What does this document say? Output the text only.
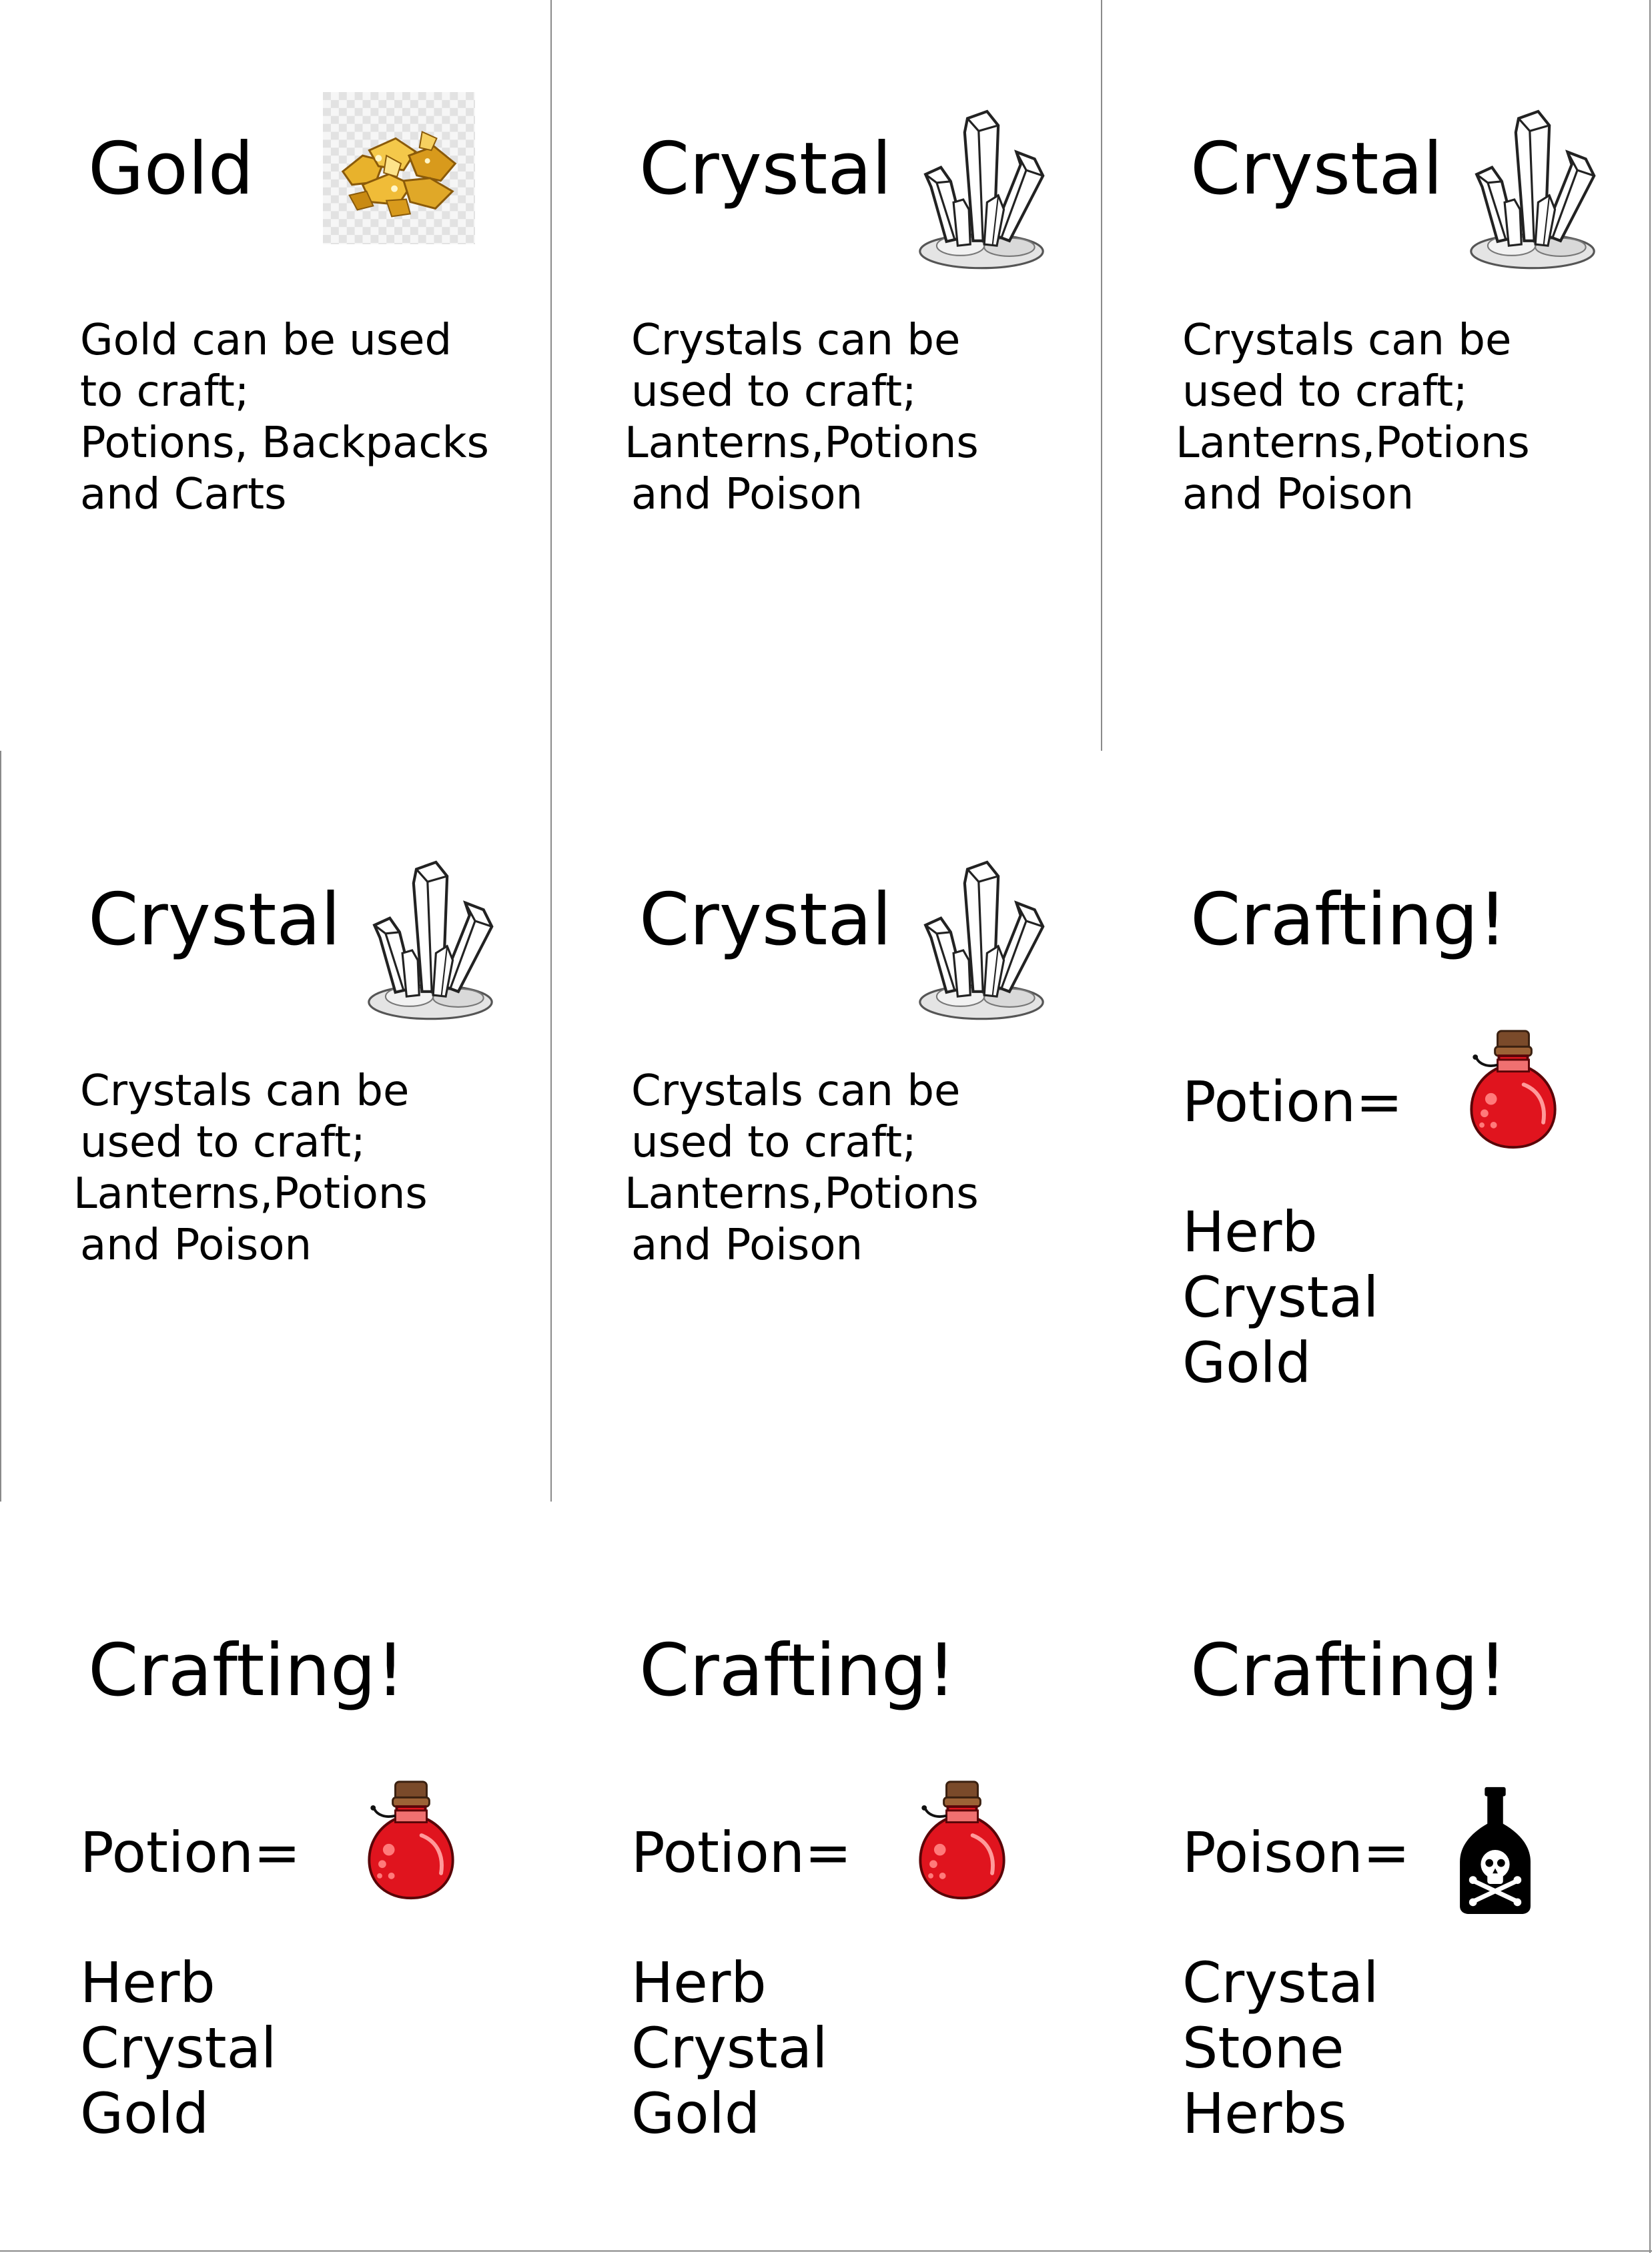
Gold
Gold can be used
to craft;
Potions, Backpacks
and Carts
Crystal
Crystals can be
used to craft;
Lanterns,Potions
and Poison
Crystal
Crystals can be
used to craft;
Lanterns,Potions
and Poison
Crystal
Crystals can be
used to craft;
Lanterns,Potions
and Poison
Crystal
Crystals can be
used to craft;
Lanterns,Potions
and Poison
Crafting!
Potion=
Herb
Crystal
Gold
Crafting!
Potion=
Herb
Crystal
Gold
Crafting!
Potion=
Herb
Crystal
Gold
Crafting!
Poison=
Crystal
Stone
Herbs
